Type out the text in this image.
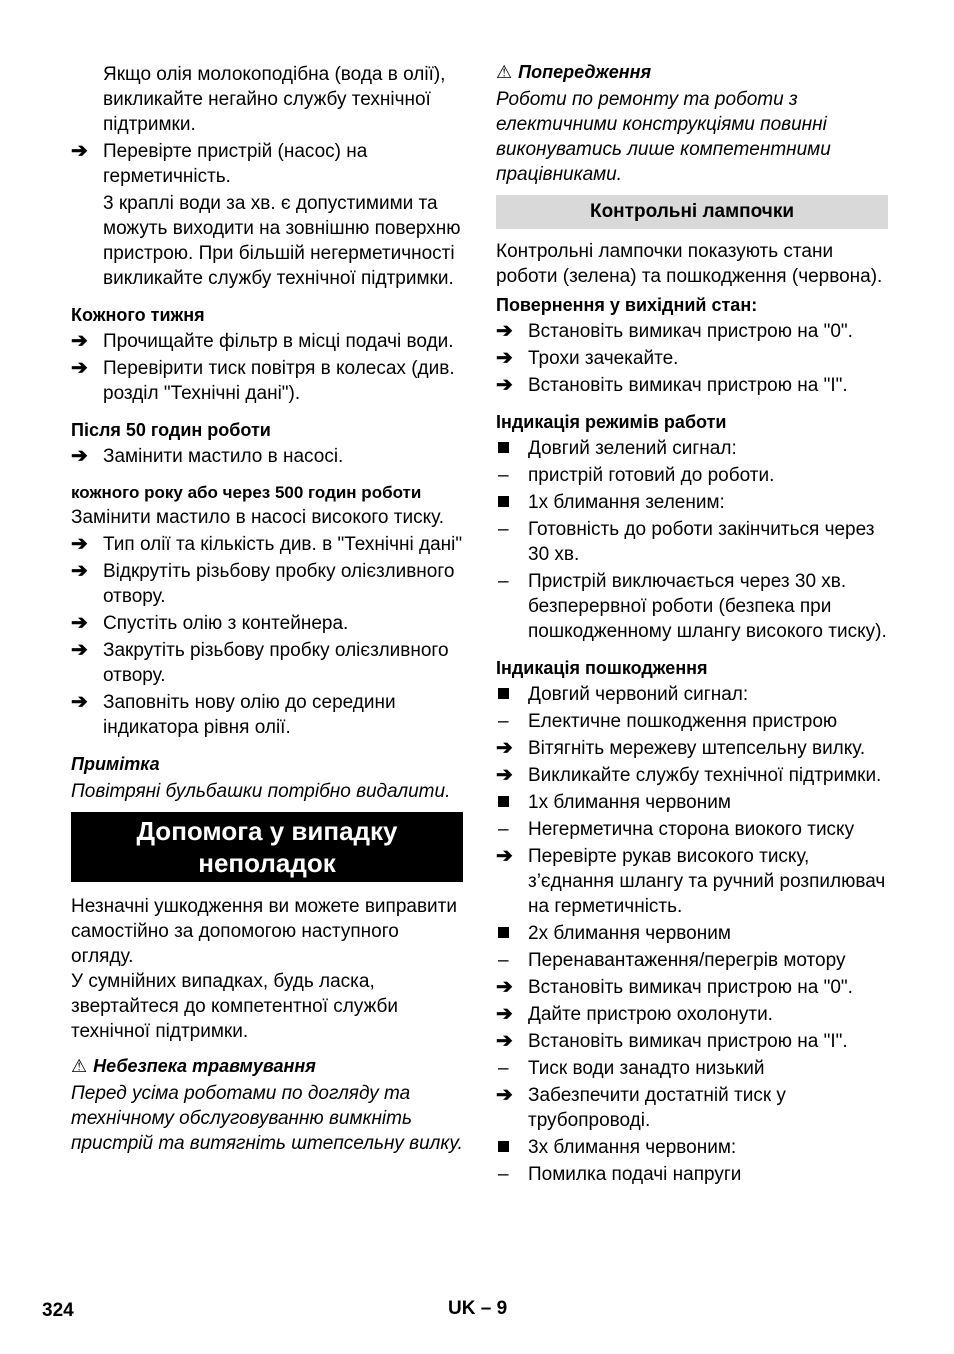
Якщо олія молокоподібна (вода в олії), викликайте негайно службу технічної підтримки.

➔ Перевірте пристрій (насос) на герметичність.

3 краплі води за хв. є допустимими та можуть виходити на зовнішню поверхню пристрою. При більшій негерметичності викликайте службу технічної підтримки.

Кожного тижня
➔ Прочищайте фільтр в місці подачі води.
➔ Перевірити тиск повітря в колесах (див. розділ "Технічні дані").
Після 50 годин роботи
➔ Замінити мастило в насосі.
кожного року або через 500 годин роботи

Замінити мастило в насосі високого тиску.

➔ Тип олії та кількість див. в "Технічні дані"
➔ Відкрутіть різьбову пробку олієзливного отвору.
➔ Спустіть олію з контейнера.
➔ Закрутіть різьбову пробку олієзливного отвору.
➔ Заповніть нову олію до середини індикатора рівня олії.
Примітка

Повітряні бульбашки потрібно видалити.

Допомога у випадку
неполадок

Незначні ушкодження ви можете виправити самостійно за допомогою наступного огляду.

У сумнійних випадках, будь ласка, звертайтеся до компетентної служби технічної підтримки.

⚠ Небезпека травмування

Перед усіма роботами по догляду та технічному обслуговуванню вимкніть пристрій та витягніть штепсельну вилку.

⚠ Попередження

Роботи по ремонту та роботи з електичними конструкціями повинні виконуватись лише компетентними працівниками.

Контрольні лампочки

Контрольні лампочки показують стани роботи (зелена) та пошкодження (червона).

Повернення у вихідний стан:
➔ Встановіть вимикач пристрою на "0".
➔ Трохи зачекайте.
➔ Встановіть вимикач пристрою на "I".
Індикація режимів работи
Довгий зелений сигнал:
–	пристрій готовий до роботи.
1x блимання зеленим:
–	Готовність до роботи закінчиться через 30 хв.
–	Пристрій виключається через 30 хв. безперервної роботи (безпека при пошкодженному шлангу високого тиску).
Індикація пошкодження
Довгий червоний сигнал:
–	Електичне пошкодження пристрою
➔ Вітягніть мережеву штепсельну вилку.
➔ Викликайте службу технічної підтримки.
1x блимання червоним
–	Негерметична сторона виокого тиску
➔ Перевірте рукав високого тиску, з’єднання шлангу та ручний розпилювач на герметичність.
2x блимання червоним
–	Перенавантаження/перегрів мотору
➔ Встановіть вимикач пристрою на "0".
➔ Дайте пристрою охолонути.
➔ Встановіть вимикач пристрою на "I".
–	Тиск води занадто низький
➔ Забезпечити достатній тиск у трубопроводі.
3x блимання червоним:
–	Помилка подачі напруги
324	UK – 9
